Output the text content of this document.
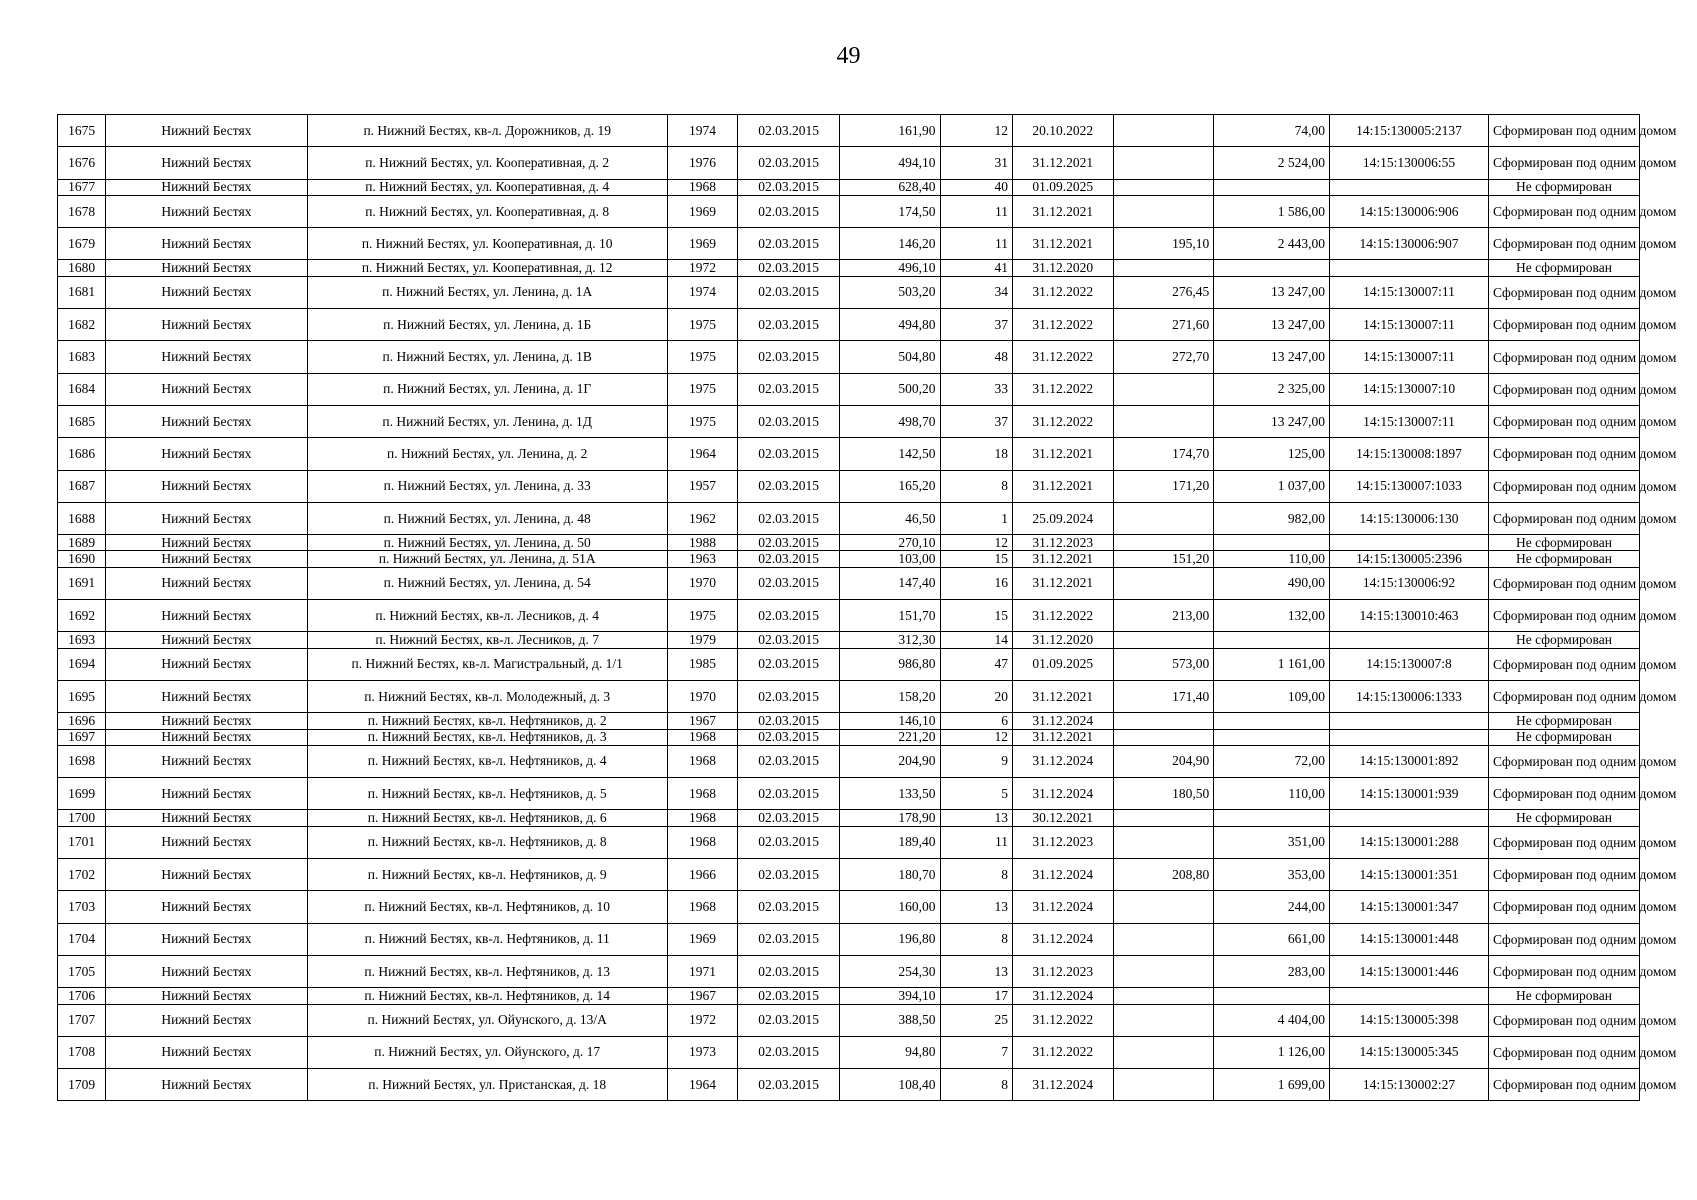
49
1675	Нижний Бестях	п. Нижний Бестях, кв-л. Дорожников, д. 19	1974	02.03.2015	161,90	12	20.10.2022		74,00	14:15:130005:2137	Сформирован под одним домом
1676	Нижний Бестях	п. Нижний Бестях, ул. Кооперативная, д. 2	1976	02.03.2015	494,10	31	31.12.2021		2 524,00	14:15:130006:55	Сформирован под одним домом
1677	Нижний Бестях	п. Нижний Бестях, ул. Кооперативная, д. 4	1968	02.03.2015	628,40	40	01.09.2025				Не сформирован
1678	Нижний Бестях	п. Нижний Бестях, ул. Кооперативная, д. 8	1969	02.03.2015	174,50	11	31.12.2021		1 586,00	14:15:130006:906	Сформирован под одним домом
1679	Нижний Бестях	п. Нижний Бестях, ул. Кооперативная, д. 10	1969	02.03.2015	146,20	11	31.12.2021	195,10	2 443,00	14:15:130006:907	Сформирован под одним домом
1680	Нижний Бестях	п. Нижний Бестях, ул. Кооперативная, д. 12	1972	02.03.2015	496,10	41	31.12.2020				Не сформирован
1681	Нижний Бестях	п. Нижний Бестях, ул. Ленина, д. 1А	1974	02.03.2015	503,20	34	31.12.2022	276,45	13 247,00	14:15:130007:11	Сформирован под одним домом
1682	Нижний Бестях	п. Нижний Бестях, ул. Ленина, д. 1Б	1975	02.03.2015	494,80	37	31.12.2022	271,60	13 247,00	14:15:130007:11	Сформирован под одним домом
1683	Нижний Бестях	п. Нижний Бестях, ул. Ленина, д. 1В	1975	02.03.2015	504,80	48	31.12.2022	272,70	13 247,00	14:15:130007:11	Сформирован под одним домом
1684	Нижний Бестях	п. Нижний Бестях, ул. Ленина, д. 1Г	1975	02.03.2015	500,20	33	31.12.2022		2 325,00	14:15:130007:10	Сформирован под одним домом
1685	Нижний Бестях	п. Нижний Бестях, ул. Ленина, д. 1Д	1975	02.03.2015	498,70	37	31.12.2022		13 247,00	14:15:130007:11	Сформирован под одним домом
1686	Нижний Бестях	п. Нижний Бестях, ул. Ленина, д. 2	1964	02.03.2015	142,50	18	31.12.2021	174,70	125,00	14:15:130008:1897	Сформирован под одним домом
1687	Нижний Бестях	п. Нижний Бестях, ул. Ленина, д. 33	1957	02.03.2015	165,20	8	31.12.2021	171,20	1 037,00	14:15:130007:1033	Сформирован под одним домом
1688	Нижний Бестях	п. Нижний Бестях, ул. Ленина, д. 48	1962	02.03.2015	46,50	1	25.09.2024		982,00	14:15:130006:130	Сформирован под одним домом
1689	Нижний Бестях	п. Нижний Бестях, ул. Ленина, д. 50	1988	02.03.2015	270,10	12	31.12.2023				Не сформирован
1690	Нижний Бестях	п. Нижний Бестях, ул. Ленина, д. 51А	1963	02.03.2015	103,00	15	31.12.2021	151,20	110,00	14:15:130005:2396	Не сформирован
1691	Нижний Бестях	п. Нижний Бестях, ул. Ленина, д. 54	1970	02.03.2015	147,40	16	31.12.2021		490,00	14:15:130006:92	Сформирован под одним домом
1692	Нижний Бестях	п. Нижний Бестях, кв-л. Лесников, д. 4	1975	02.03.2015	151,70	15	31.12.2022	213,00	132,00	14:15:130010:463	Сформирован под одним домом
1693	Нижний Бестях	п. Нижний Бестях, кв-л. Лесников, д. 7	1979	02.03.2015	312,30	14	31.12.2020				Не сформирован
1694	Нижний Бестях	п. Нижний Бестях, кв-л. Магистральный, д. 1/1	1985	02.03.2015	986,80	47	01.09.2025	573,00	1 161,00	14:15:130007:8	Сформирован под одним домом
1695	Нижний Бестях	п. Нижний Бестях, кв-л. Молодежный, д. 3	1970	02.03.2015	158,20	20	31.12.2021	171,40	109,00	14:15:130006:1333	Сформирован под одним домом
1696	Нижний Бестях	п. Нижний Бестях, кв-л. Нефтяников, д. 2	1967	02.03.2015	146,10	6	31.12.2024				Не сформирован
1697	Нижний Бестях	п. Нижний Бестях, кв-л. Нефтяников, д. 3	1968	02.03.2015	221,20	12	31.12.2021				Не сформирован
1698	Нижний Бестях	п. Нижний Бестях, кв-л. Нефтяников, д. 4	1968	02.03.2015	204,90	9	31.12.2024	204,90	72,00	14:15:130001:892	Сформирован под одним домом
1699	Нижний Бестях	п. Нижний Бестях, кв-л. Нефтяников, д. 5	1968	02.03.2015	133,50	5	31.12.2024	180,50	110,00	14:15:130001:939	Сформирован под одним домом
1700	Нижний Бестях	п. Нижний Бестях, кв-л. Нефтяников, д. 6	1968	02.03.2015	178,90	13	30.12.2021				Не сформирован
1701	Нижний Бестях	п. Нижний Бестях, кв-л. Нефтяников, д. 8	1968	02.03.2015	189,40	11	31.12.2023		351,00	14:15:130001:288	Сформирован под одним домом
1702	Нижний Бестях	п. Нижний Бестях, кв-л. Нефтяников, д. 9	1966	02.03.2015	180,70	8	31.12.2024	208,80	353,00	14:15:130001:351	Сформирован под одним домом
1703	Нижний Бестях	п. Нижний Бестях, кв-л. Нефтяников, д. 10	1968	02.03.2015	160,00	13	31.12.2024		244,00	14:15:130001:347	Сформирован под одним домом
1704	Нижний Бестях	п. Нижний Бестях, кв-л. Нефтяников, д. 11	1969	02.03.2015	196,80	8	31.12.2024		661,00	14:15:130001:448	Сформирован под одним домом
1705	Нижний Бестях	п. Нижний Бестях, кв-л. Нефтяников, д. 13	1971	02.03.2015	254,30	13	31.12.2023		283,00	14:15:130001:446	Сформирован под одним домом
1706	Нижний Бестях	п. Нижний Бестях, кв-л. Нефтяников, д. 14	1967	02.03.2015	394,10	17	31.12.2024				Не сформирован
1707	Нижний Бестях	п. Нижний Бестях, ул. Ойунского, д. 13/А	1972	02.03.2015	388,50	25	31.12.2022		4 404,00	14:15:130005:398	Сформирован под одним домом
1708	Нижний Бестях	п. Нижний Бестях, ул. Ойунского, д. 17	1973	02.03.2015	94,80	7	31.12.2022		1 126,00	14:15:130005:345	Сформирован под одним домом
1709	Нижний Бестях	п. Нижний Бестях, ул. Пристанская, д. 18	1964	02.03.2015	108,40	8	31.12.2024		1 699,00	14:15:130002:27	Сформирован под одним домом
